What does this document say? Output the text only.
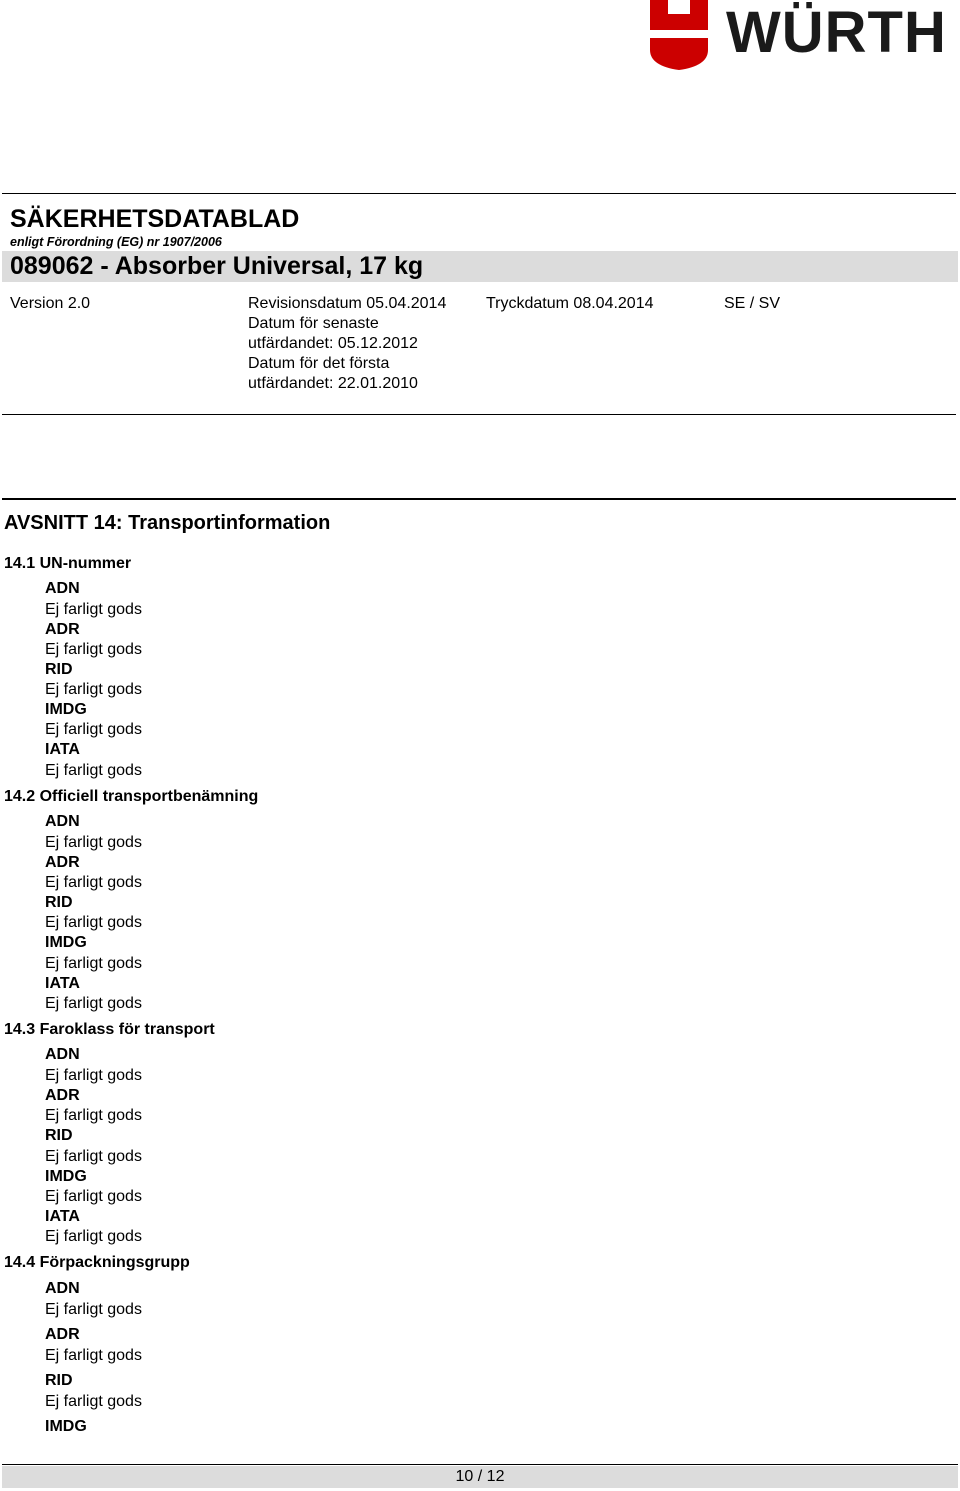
WÜRTH
SÄKERHETSDATABLAD
enligt Förordning (EG) nr 1907/2006
089062 - Absorber Universal, 17 kg
Version 2.0	Revisionsdatum 05.04.2014
Datum för senaste
utfärdandet: 05.12.2012
Datum för det första
utfärdandet: 22.01.2010
Tryckdatum 08.04.2014	SE / SV
AVSNITT 14: Transportinformation
14.1 UN-nummer
ADN
Ej farligt gods
ADR
Ej farligt gods
RID
Ej farligt gods
IMDG
Ej farligt gods
IATA
Ej farligt gods
14.2 Officiell transportbenämning
ADN
Ej farligt gods
ADR
Ej farligt gods
RID
Ej farligt gods
IMDG
Ej farligt gods
IATA
Ej farligt gods
14.3 Faroklass för transport
ADN
Ej farligt gods
ADR
Ej farligt gods
RID
Ej farligt gods
IMDG
Ej farligt gods
IATA
Ej farligt gods
14.4 Förpackningsgrupp
ADN
Ej farligt gods
ADR
Ej farligt gods
RID
Ej farligt gods
IMDG
10 / 12
